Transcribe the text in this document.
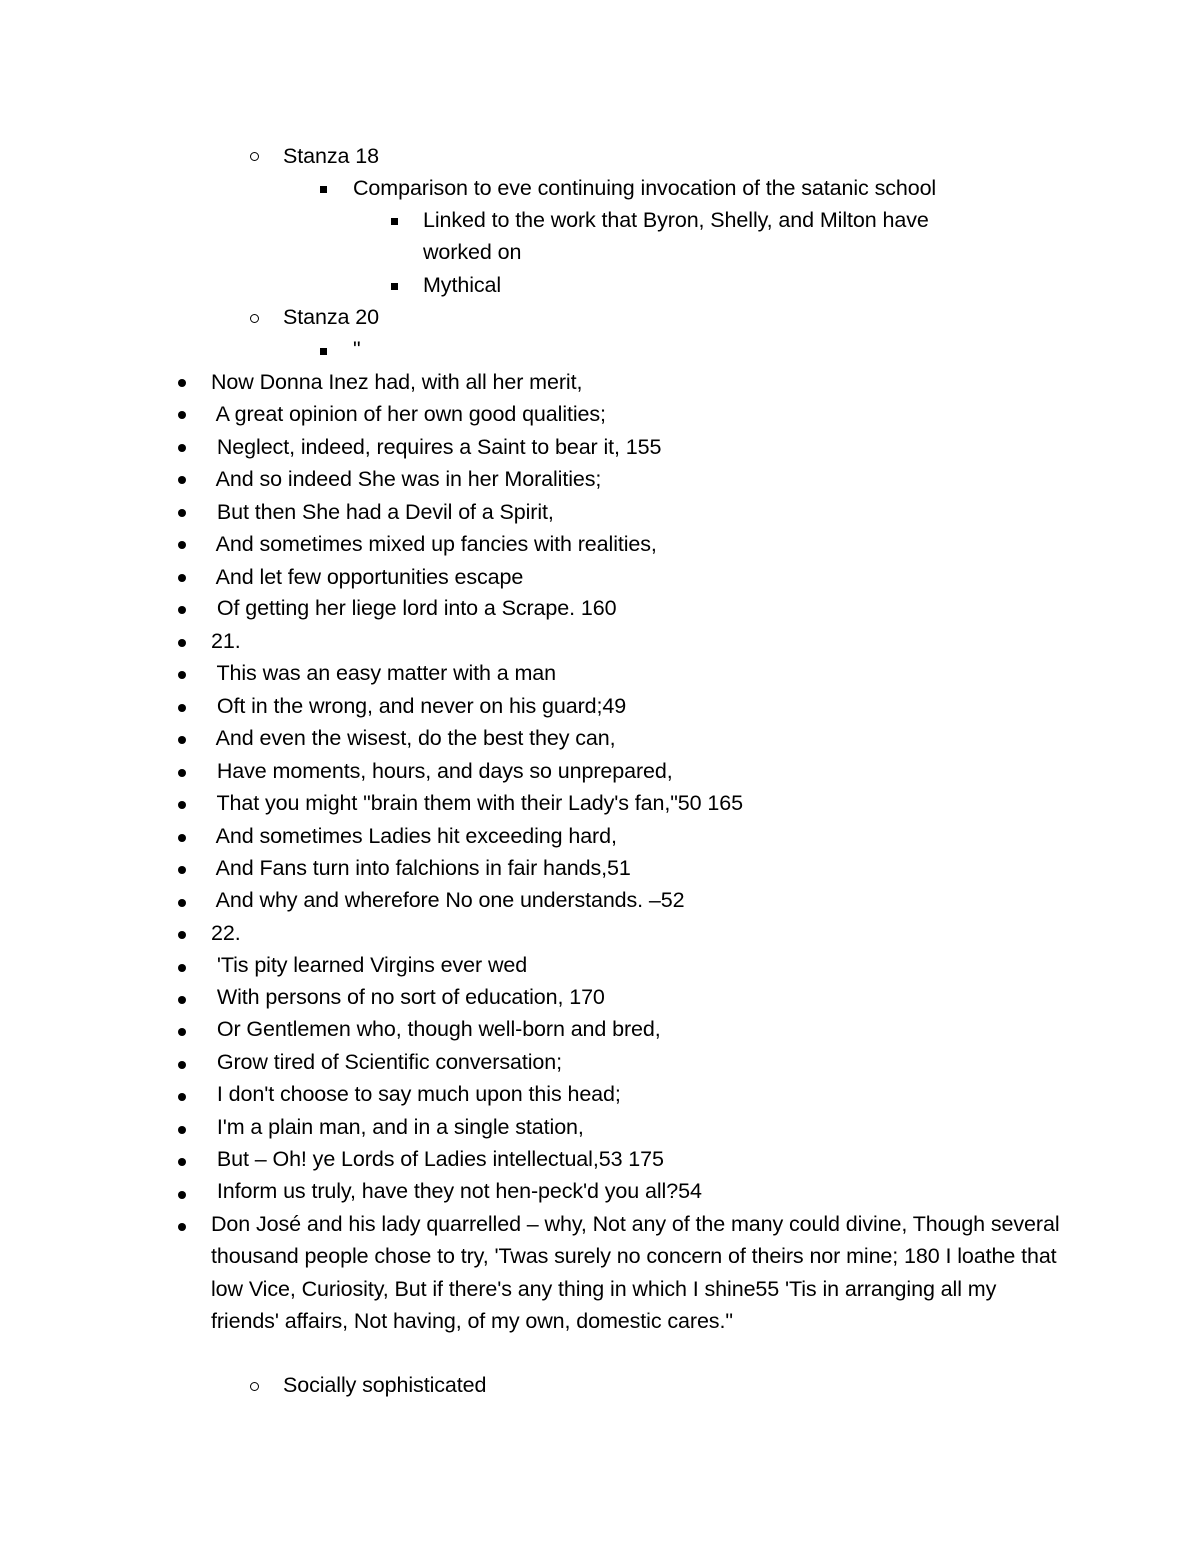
Stanza 18
Comparison to eve continuing invocation of the satanic school
Linked to the work that Byron, Shelly, and Milton have
worked on
Mythical
Stanza 20
"
Now Donna Inez had, with all her merit,
A great opinion of her own good qualities;
Neglect, indeed, requires a Saint to bear it, 155
And so indeed She was in her Moralities;
But then She had a Devil of a Spirit,
And sometimes mixed up fancies with realities,
And let few opportunities escape
Of getting her liege lord into a Scrape. 160
21.
This was an easy matter with a man
Oft in the wrong, and never on his guard;49
And even the wisest, do the best they can,
Have moments, hours, and days so unprepared,
That you might "brain them with their Lady's fan,"50 165
And sometimes Ladies hit exceeding hard,
And Fans turn into falchions in fair hands,51
And why and wherefore No one understands. –52
22.
'Tis pity learned Virgins ever wed
With persons of no sort of education, 170
Or Gentlemen who, though well-born and bred,
Grow tired of Scientific conversation;
I don't choose to say much upon this head;
I'm a plain man, and in a single station,
But – Oh! ye Lords of Ladies intellectual,53 175
Inform us truly, have they not hen-peck'd you all?54
Don José and his lady quarrelled – why, Not any of the many could divine, Though several thousand people chose to try, 'Twas surely no concern of theirs nor mine; 180 I loathe that low Vice, Curiosity, But if there's any thing in which I shine55 'Tis in arranging all my friends' affairs, Not having, of my own, domestic cares."
Socially sophisticated
